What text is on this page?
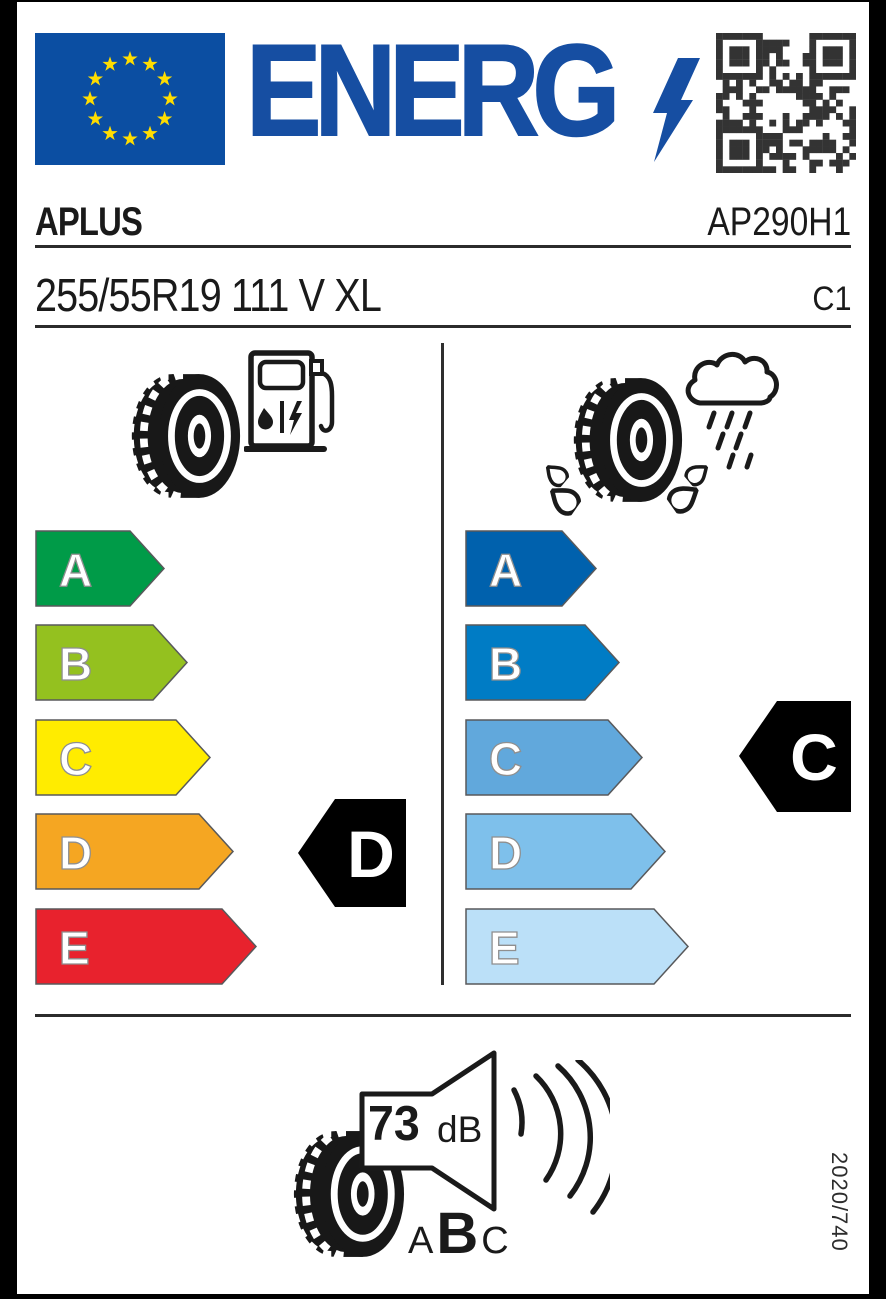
ENERG
APLUS	AP290H1
255/55R19 111 V XL	C1
A
B
C
D
E
A
B
C
D
E
D
C
73 dB
A B C	2020/740
